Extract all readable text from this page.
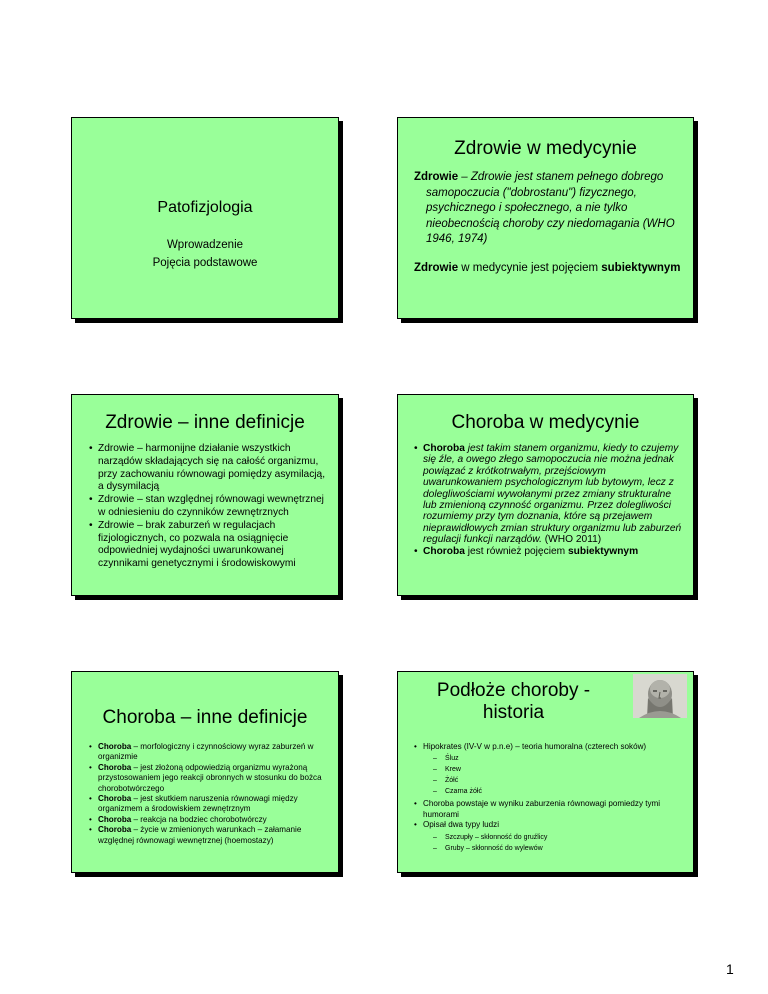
Patofizjologia
Wprowadzenie
Pojęcia podstawowe
Zdrowie w medycynie
Zdrowie – Zdrowie jest stanem pełnego dobrego samopoczucia ("dobrostanu") fizycznego, psychicznego i społecznego, a nie tylko nieobecnością choroby czy niedomagania (WHO 1946, 1974)
Zdrowie w medycynie jest pojęciem subiektywnym
Zdrowie – inne definicje
• Zdrowie – harmonijne działanie wszystkich narządów składających się na całość organizmu, przy zachowaniu równowagi pomiędzy asymilacją, a dysymilacją
• Zdrowie – stan względnej równowagi wewnętrznej w odniesieniu do czynników zewnętrznych
• Zdrowie – brak zaburzeń w regulacjach fizjologicznych, co pozwala na osiągnięcie odpowiedniej wydajności uwarunkowanej czynnikami genetycznymi i środowiskowymi
Choroba w medycynie
• Choroba jest takim stanem organizmu, kiedy to czujemy się źle, a owego złego samopoczucia nie można jednak powiązać z krótkotrwałym, przejściowym uwarunkowaniem psychologicznym lub bytowym, lecz z dolegliwościami wywołanymi przez zmiany strukturalne lub zmienioną czynność organizmu. Przez dolegliwości rozumiemy przy tym doznania, które są przejawem nieprawidłowych zmian struktury organizmu lub zaburzeń regulacji funkcji narządów. (WHO 2011)
• Choroba jest również pojęciem subiektywnym
Choroba – inne definicje
• Choroba – morfologiczny i czynnościowy wyraz zaburzeń w organizmie
• Choroba – jest złożoną odpowiedzią organizmu wyrażoną przystosowaniem jego reakcji obronnych w stosunku do bożca chorobotwórczego
• Choroba – jest skutkiem naruszenia równowagi między organizmem a środowiskiem zewnętrznym
• Choroba – reakcja na bodziec chorobotwórczy
• Choroba – życie w zmienionych warunkach – załamanie względnej równowagi wewnętrznej (hoemostazy)
Podłoże choroby -
historia
• Hipokrates (IV-V w p.n.e) – teoria humoralna (czterech soków)
– Śluz
– Krew
– Żółć
– Czarna żółć
• Choroba powstaje w wyniku zaburzenia równowagi pomiedzy tymi humorami
• Opisał dwa typy ludzi
– Szczupły – skłonność do gruźlicy
– Gruby – skłonność do wylewów
1
